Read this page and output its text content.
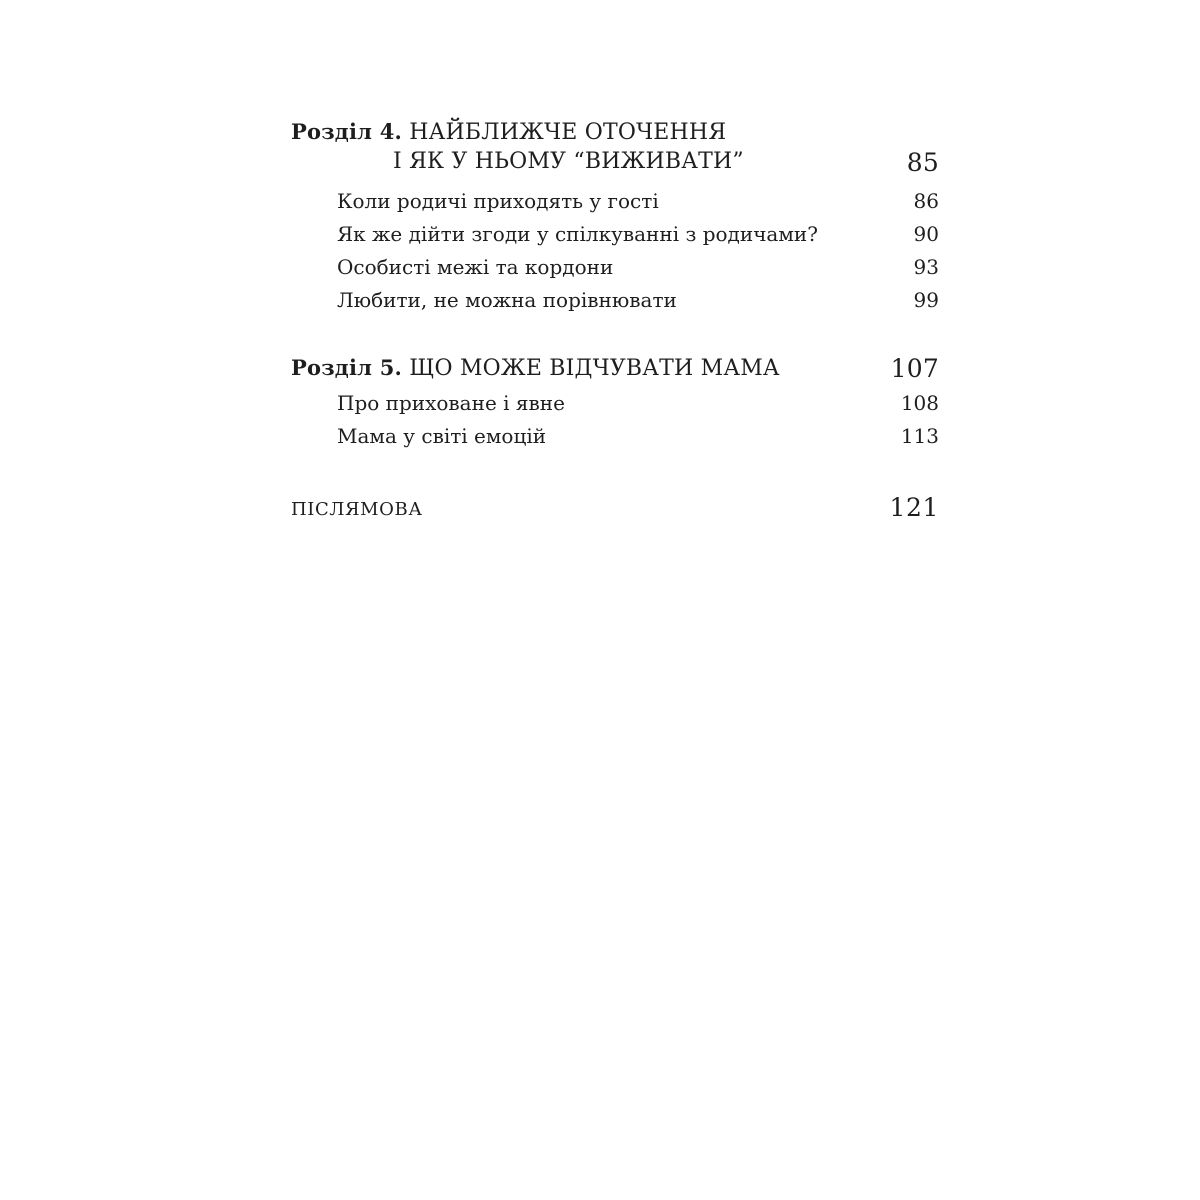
Розділ 4. НАЙБЛИЖЧЕ ОТОЧЕННЯ
І ЯК У НЬОМУ “ВИЖИВАТИ”	85
Коли родичі приходять у гості	86
Як же дійти згоди у спілкуванні з родичами?	90
Особисті межі та кордони	93
Любити, не можна порівнювати	99
Розділ 5. ЩО МОЖЕ ВІДЧУВАТИ МАМА	107
Про приховане і явне	108
Мама у світі емоцій	113
ПІСЛЯМОВА	121
